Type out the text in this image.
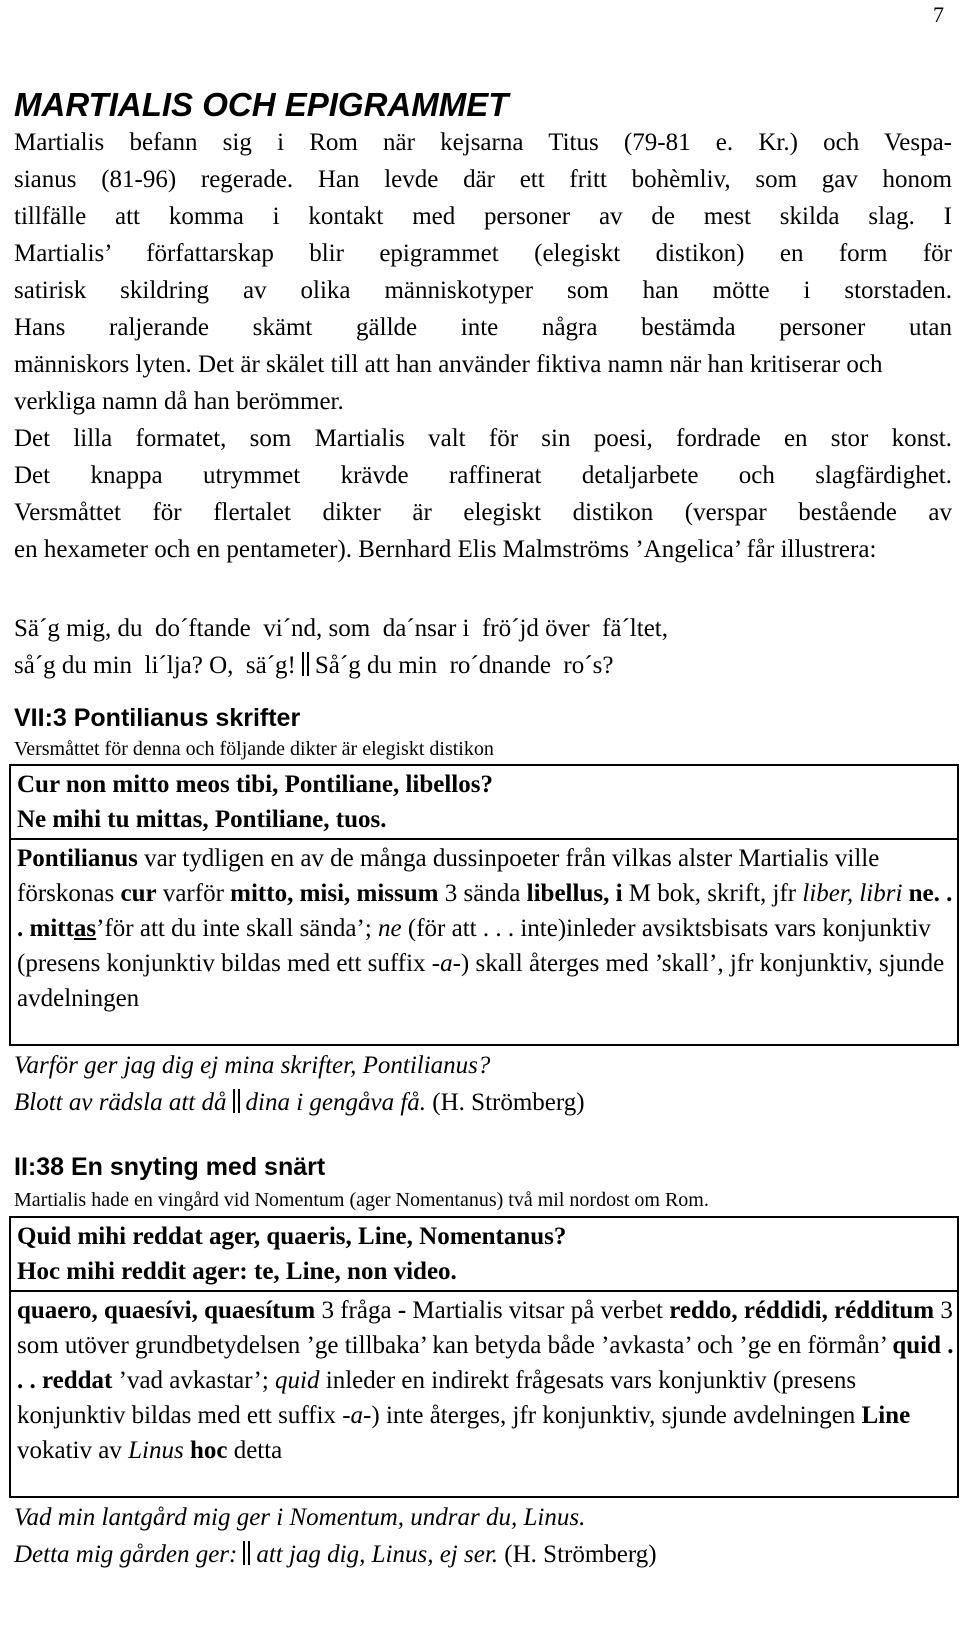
7
MARTIALIS OCH EPIGRAMMET
Martialis befann sig i Rom när kejsarna Titus (79-81 e. Kr.) och Vespa-
sianus (81-96) regerade. Han levde där ett fritt bohèmliv, som gav honom
tillfälle att komma i kontakt med personer av de mest skilda slag. I
Martialis’ författarskap blir epigrammet (elegiskt distikon) en form för
satirisk skildring av olika människotyper som han mötte i storstaden.
Hans raljerande skämt gällde inte några bestämda personer utan
människors lyten. Det är skälet till att han använder fiktiva namn när han kritiserar och verkliga namn då han berömmer.
Det lilla formatet, som Martialis valt för sin poesi, fordrade en stor konst.
Det knappa utrymmet krävde raffinerat detaljarbete och slagfärdighet.
Versmåttet för flertalet dikter är elegiskt distikon (verspar bestående av
en hexameter och en pentameter). Bernhard Elis Malmströms ’Angelica’ får illustrera:
Sä´g mig, du  do´ftande  vi´nd, som  da´nsar i  frö´jd över  fä´ltet,
så´g du min  li´lja? O,  sä´g! Så´g du min  ro´dnande  ro´s?
VII:3 Pontilianus skrifter
Versmåttet för denna och följande dikter är elegiskt distikon
Cur non mitto meos tibi, Pontiliane, libellos?
Ne mihi tu mittas, Pontiliane, tuos.
Pontilianus var tydligen en av de många dussinpoeter från vilkas alster Martialis ville förskonas cur varför mitto, misi, missum 3 sända libellus, i M bok, skrift, jfr liber, libri ne. . . mittas’för att du inte skall sända’; ne (för att . . . inte)inleder avsiktsbisats vars konjunktiv (presens konjunktiv bildas med ett suffix -a-) skall återges med ’skall’, jfr konjunktiv, sjunde avdelningen
Varför ger jag dig ej mina skrifter, Pontilianus?
Blott av rädsla att då dina i gengåva få. (H. Strömberg)
II:38 En snyting med snärt
Martialis hade en vingård vid Nomentum (ager Nomentanus) två mil nordost om Rom.
Quid mihi reddat ager, quaeris, Line, Nomentanus?
Hoc mihi reddit ager: te, Line, non video.
quaero, quaesívi, quaesítum 3 fråga - Martialis vitsar på verbet reddo, réddidi, rédditum 3 som utöver grundbetydelsen ’ge tillbaka’ kan betyda både ’avkasta’ och ’ge en förmån’ quid . . . reddat ’vad avkastar’; quid inleder en indirekt frågesats vars konjunktiv (presens konjunktiv bildas med ett suffix -a-) inte återges, jfr konjunktiv, sjunde avdelningen Line vokativ av Linus hoc detta
Vad min lantgård mig ger i Nomentum, undrar du, Linus.
Detta mig gården ger: att jag dig, Linus, ej ser. (H. Strömberg)
